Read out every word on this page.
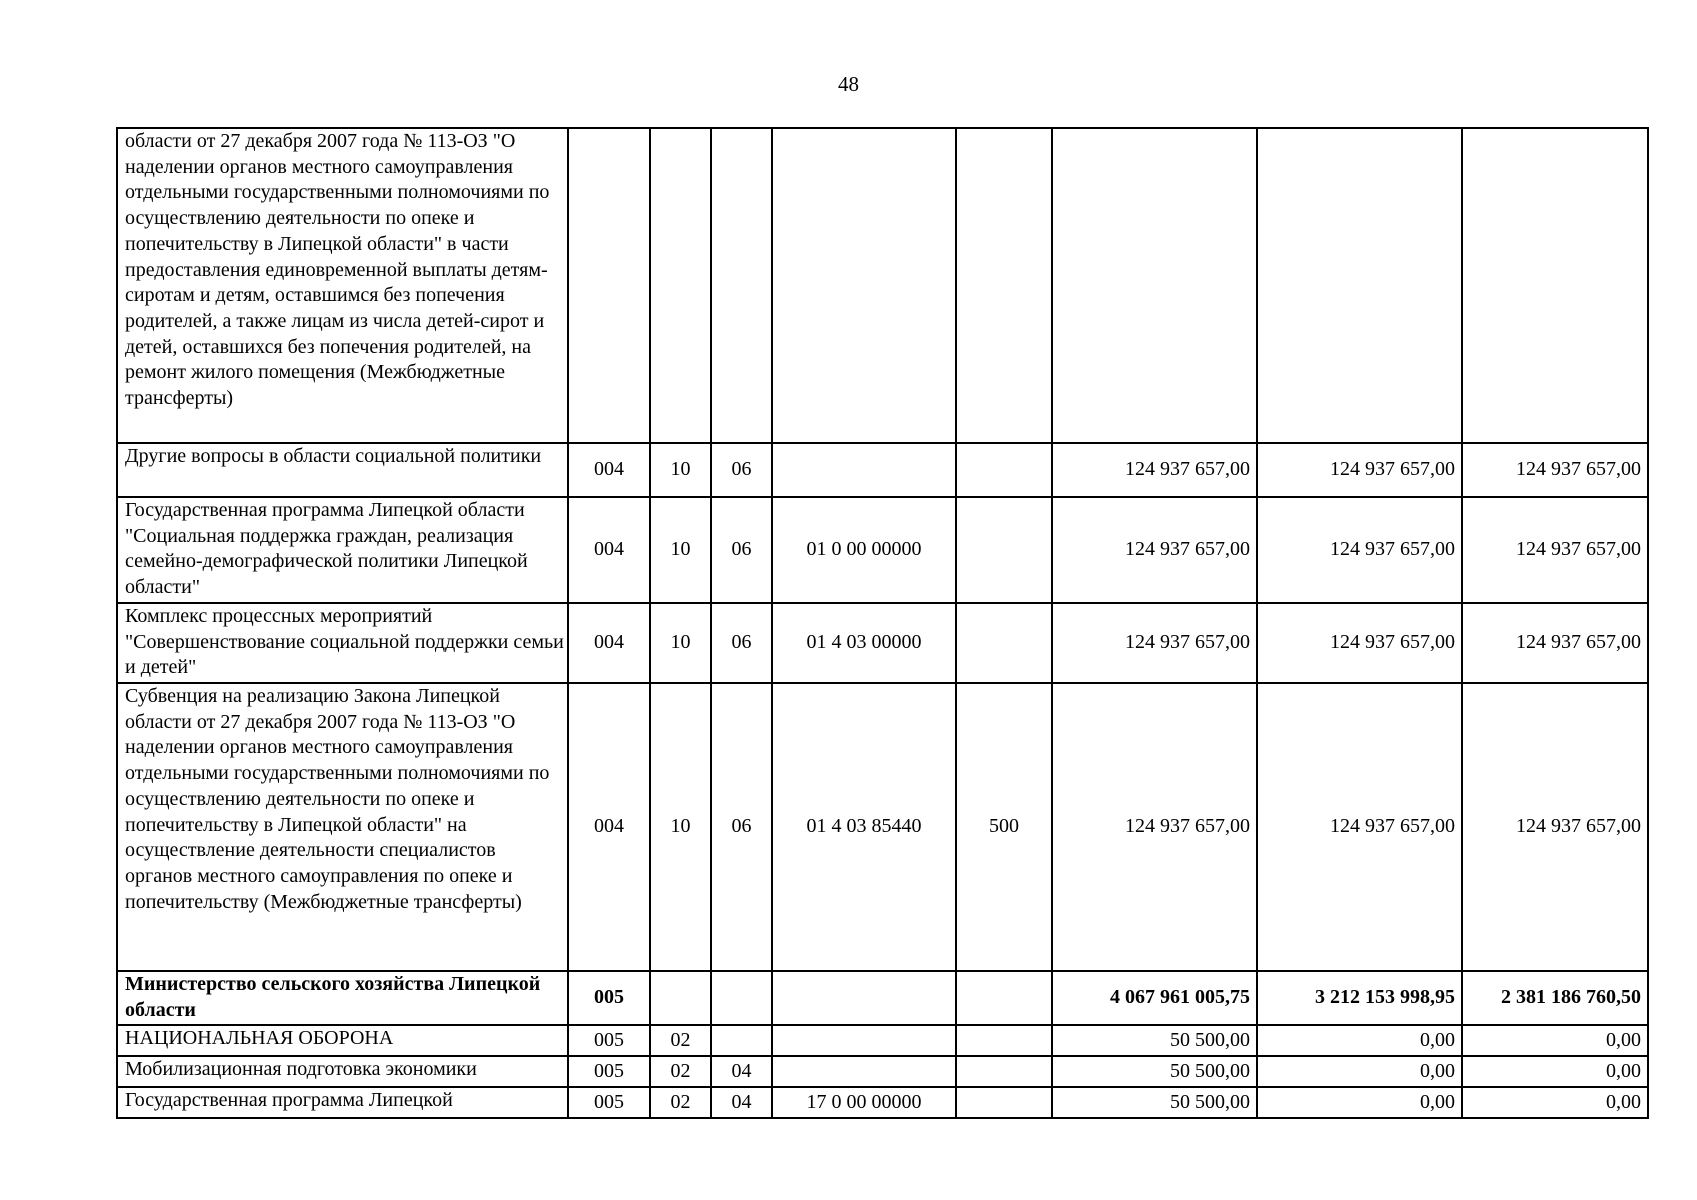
48
области от 27 декабря 2007 года № 113-ОЗ "О наделении органов местного самоуправления отдельными государственными полномочиями по осуществлению деятельности по опеке и попечительству в Липецкой области" в части предоставления единовременной выплаты детям-сиротам и детям, оставшимся без попечения родителей, а также лицам из числа детей-сирот и детей, оставшихся без попечения родителей, на ремонт жилого помещения (Межбюджетные трансферты)								
Другие вопросы в области социальной политики	004	10	06			124 937 657,00	124 937 657,00	124 937 657,00
Государственная программа Липецкой области "Социальная поддержка граждан, реализация семейно-демографической политики Липецкой области"	004	10	06	01 0 00 00000		124 937 657,00	124 937 657,00	124 937 657,00
Комплекс процессных мероприятий "Совершенствование социальной поддержки семьи и детей"	004	10	06	01 4 03 00000		124 937 657,00	124 937 657,00	124 937 657,00
Субвенция на реализацию Закона Липецкой области от 27 декабря 2007 года № 113-ОЗ "О наделении органов местного самоуправления отдельными государственными полномочиями по осуществлению деятельности по опеке и попечительству в Липецкой области" на осуществление деятельности специалистов органов местного самоуправления по опеке и попечительству (Межбюджетные трансферты)	004	10	06	01 4 03 85440	500	124 937 657,00	124 937 657,00	124 937 657,00
Министерство сельского хозяйства Липецкой области	005					4 067 961 005,75	3 212 153 998,95	2 381 186 760,50
НАЦИОНАЛЬНАЯ ОБОРОНА	005	02				50 500,00	0,00	0,00
Мобилизационная подготовка экономики	005	02	04			50 500,00	0,00	0,00
Государственная программа Липецкой	005	02	04	17 0 00 00000		50 500,00	0,00	0,00
